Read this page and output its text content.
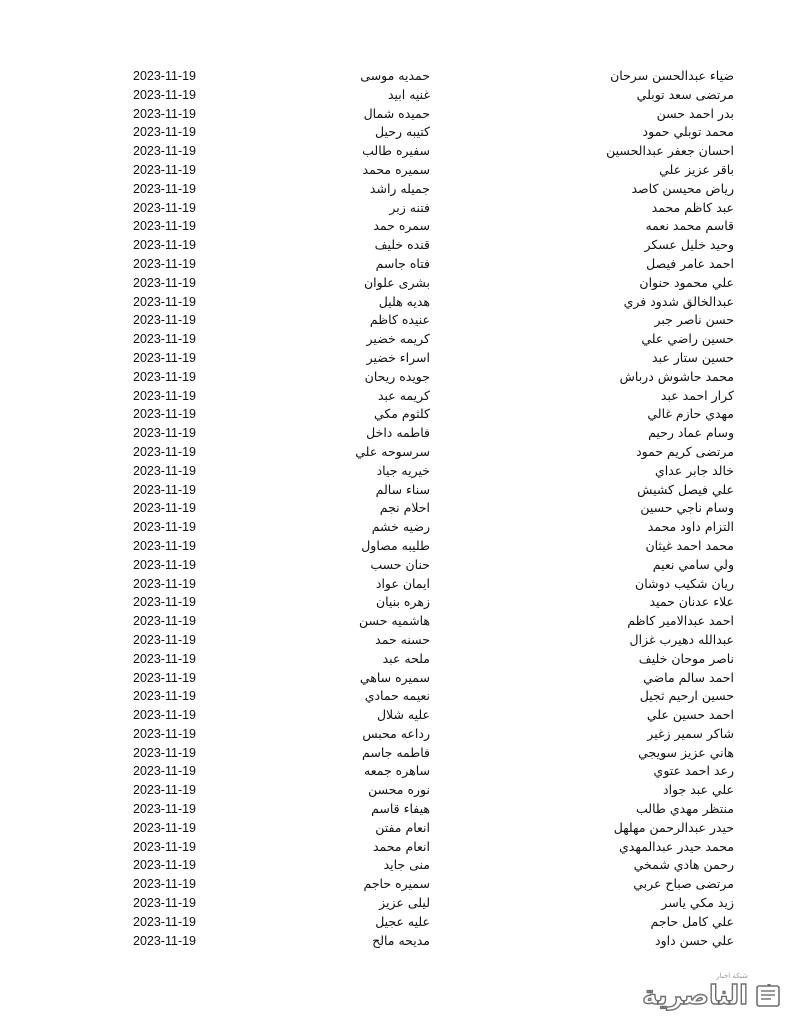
ضياء عبدالحسن سرحان
حمديه موسى
2023-11-19
مرتضى سعد توبلي
غنيه ابيد
2023-11-19
بدر احمد حسن
حميده شمال
2023-11-19
محمد توبلي حمود
كتيبه رحيل
2023-11-19
احسان جعفر عبدالحسين
سفيره طالب
2023-11-19
باقر عزيز علي
سميره محمد
2023-11-19
رياض محيسن كاصد
جميله راشد
2023-11-19
عبد كاظم محمد
فتنه زبر
2023-11-19
قاسم محمد نعمه
سمره حمد
2023-11-19
وحيد خليل عسكر
قنده خليف
2023-11-19
احمد عامر فيصل
فتاه جاسم
2023-11-19
علي محمود حنوان
بشرى علوان
2023-11-19
عبدالخالق شدود فري
هديه هليل
2023-11-19
حسن ناصر جبر
عنيده كاظم
2023-11-19
حسين راضي علي
كريمه خضير
2023-11-19
حسين ستار عبد
اسراء خضير
2023-11-19
محمد حاشوش درباش
جويده ريحان
2023-11-19
كرار احمد عبد
كريمه عبد
2023-11-19
مهدي حازم غالي
كلثوم مكي
2023-11-19
وسام عماد رحيم
فاطمه داخل
2023-11-19
مرتضى كريم حمود
سرسوحه علي
2023-11-19
خالد جابر عداي
خيريه جياد
2023-11-19
علي فيصل كشيش
سناء سالم
2023-11-19
وسام ناجي حسين
احلام نجم
2023-11-19
التزام داود محمد
رضيه خشم
2023-11-19
محمد احمد غيثان
طليبه مصاول
2023-11-19
ولي سامي نعيم
حنان حسب
2023-11-19
ريان شكيب دوشان
ايمان عواد
2023-11-19
علاء عدنان حميد
زهره بنيان
2023-11-19
احمد عبدالامير كاظم
هاشميه حسن
2023-11-19
عبدالله دهيرب غزال
حسنه حمد
2023-11-19
ناصر موحان خليف
ملحه عبد
2023-11-19
احمد سالم ماضي
سميره ساهي
2023-11-19
حسين ارحيم ثجيل
نعيمه حمادي
2023-11-19
احمد حسين علي
عليه شلال
2023-11-19
شاكر سمير زغير
رداعه محبس
2023-11-19
هاني عزيز سويجي
فاطمه جاسم
2023-11-19
رعد احمد عتوي
ساهره جمعه
2023-11-19
علي عبد جواد
نوره محسن
2023-11-19
منتظر مهدي طالب
هيفاء قاسم
2023-11-19
حيدر عبدالرحمن مهلهل
انعام مفتن
2023-11-19
محمد حيدر عبدالمهدي
انعام محمد
2023-11-19
رحمن هادي شمخي
منى جايد
2023-11-19
مرتضى صباح عربي
سميره حاجم
2023-11-19
زيد مكي ياسر
ليلى عزيز
2023-11-19
علي كامل حاجم
عليه عجيل
2023-11-19
علي حسن داود
مديحه مالح
2023-11-19
شبكة اخبار
الناصرية
